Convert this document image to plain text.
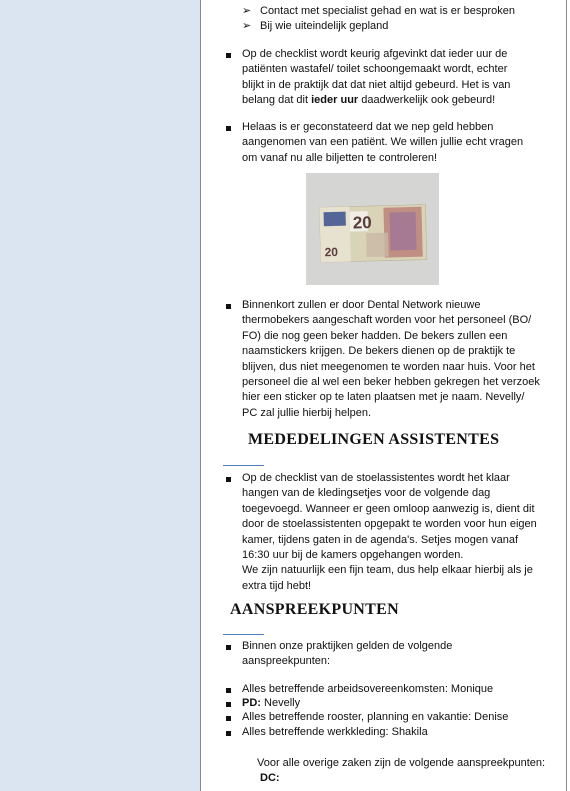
➢ Contact met specialist gehad en wat is er besproken
➢ Bij wie uiteindelijk gepland
Op de checklist wordt keurig afgevinkt dat ieder uur de
patiënten wastafel/ toilet schoongemaakt wordt, echter
blijkt in de praktijk dat dat niet altijd gebeurd. Het is van
belang dat dit ieder uur daadwerkelijk ook gebeurd!
Helaas is er geconstateerd dat we nep geld hebben
aangenomen van een patiënt. We willen jullie echt vragen
om vanaf nu alle biljetten te controleren!
20
20
Binnenkort zullen er door Dental Network nieuwe
thermobekers aangeschaft worden voor het personeel (BO/
FO) die nog geen beker hadden. De bekers zullen een
naamstickers krijgen. De bekers dienen op de praktijk te
blijven, dus niet meegenomen te worden naar huis. Voor het
personeel die al wel een beker hebben gekregen het verzoek
hier een sticker op te laten plaatsen met je naam. Nevelly/
PC zal jullie hierbij helpen.
MEDEDELINGEN ASSISTENTES
Op de checklist van de stoelassistentes wordt het klaar
hangen van de kledingsetjes voor de volgende dag
toegevoegd. Wanneer er geen omloop aanwezig is, dient dit
door de stoelassistenten opgepakt te worden voor hun eigen
kamer, tijdens gaten in de agenda's. Setjes mogen vanaf
16:30 uur bij de kamers opgehangen worden.
We zijn natuurlijk een fijn team, dus help elkaar hierbij als je
extra tijd hebt!
AANSPREEKPUNTEN
Binnen onze praktijken gelden de volgende
aanspreekpunten:
Alles betreffende arbeidsovereenkomsten: Monique
PD: Nevelly
Alles betreffende rooster, planning en vakantie: Denise
Alles betreffende werkkleding: Shakila
Voor alle overige zaken zijn de volgende aanspreekpunten:
DC:
